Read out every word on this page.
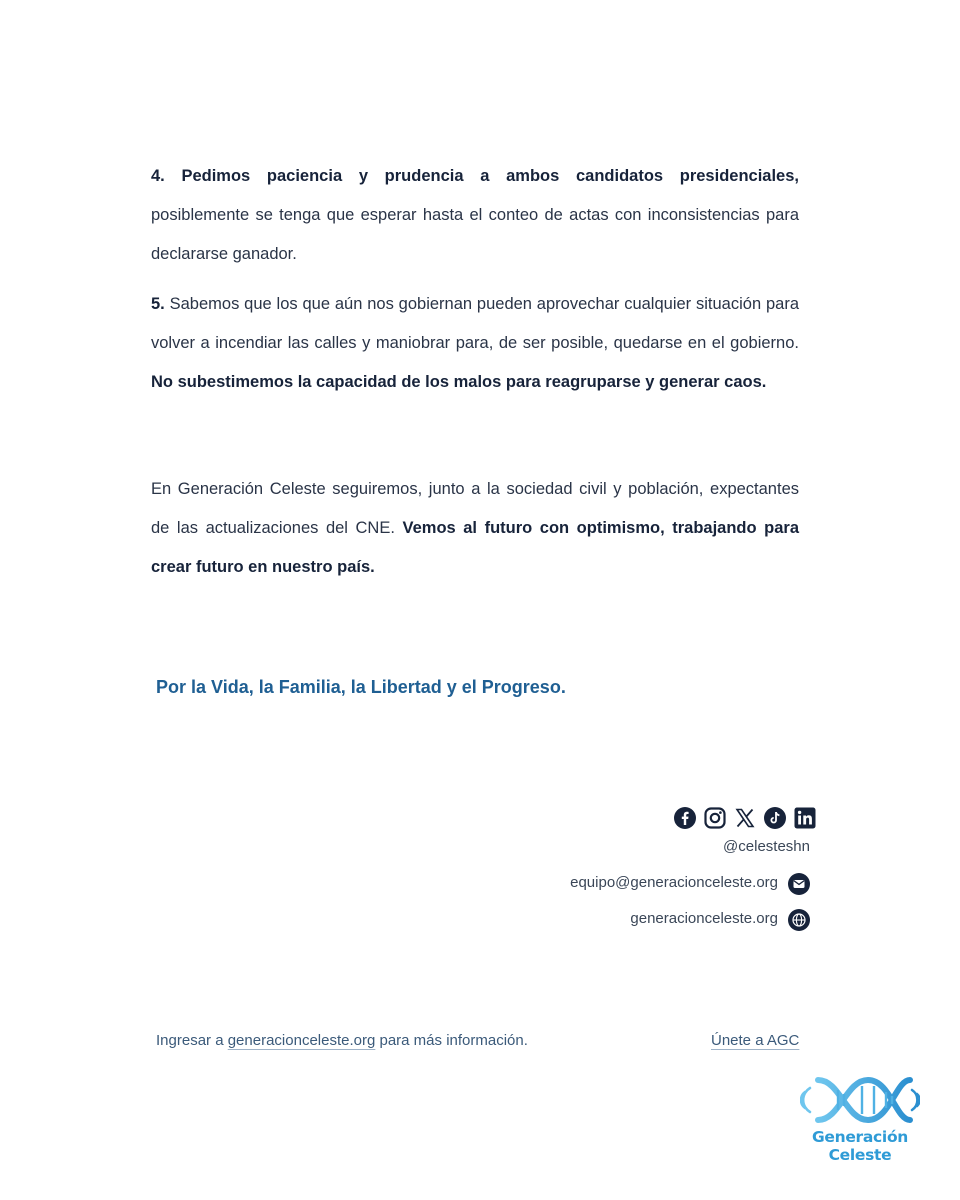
4. Pedimos paciencia y prudencia a ambos candidatos presidenciales, posiblemente se tenga que esperar hasta el conteo de actas con inconsistencias para declararse ganador.

5. Sabemos que los que aún nos gobiernan pueden aprovechar cualquier situación para volver a incendiar las calles y maniobrar para, de ser posible, quedarse en el gobierno. No subestimemos la capacidad de los malos para reagruparse y generar caos.

En Generación Celeste seguiremos, junto a la sociedad civil y población, expectantes de las actualizaciones del CNE. Vemos al futuro con optimismo, trabajando para crear futuro en nuestro país.

Por la Vida, la Familia, la Libertad y el Progreso.

@celesteshn
equipo@generacionceleste.org
generacionceleste.org

Ingresar a generacionceleste.org para más información.	Únete a AGC

Generación Celeste
